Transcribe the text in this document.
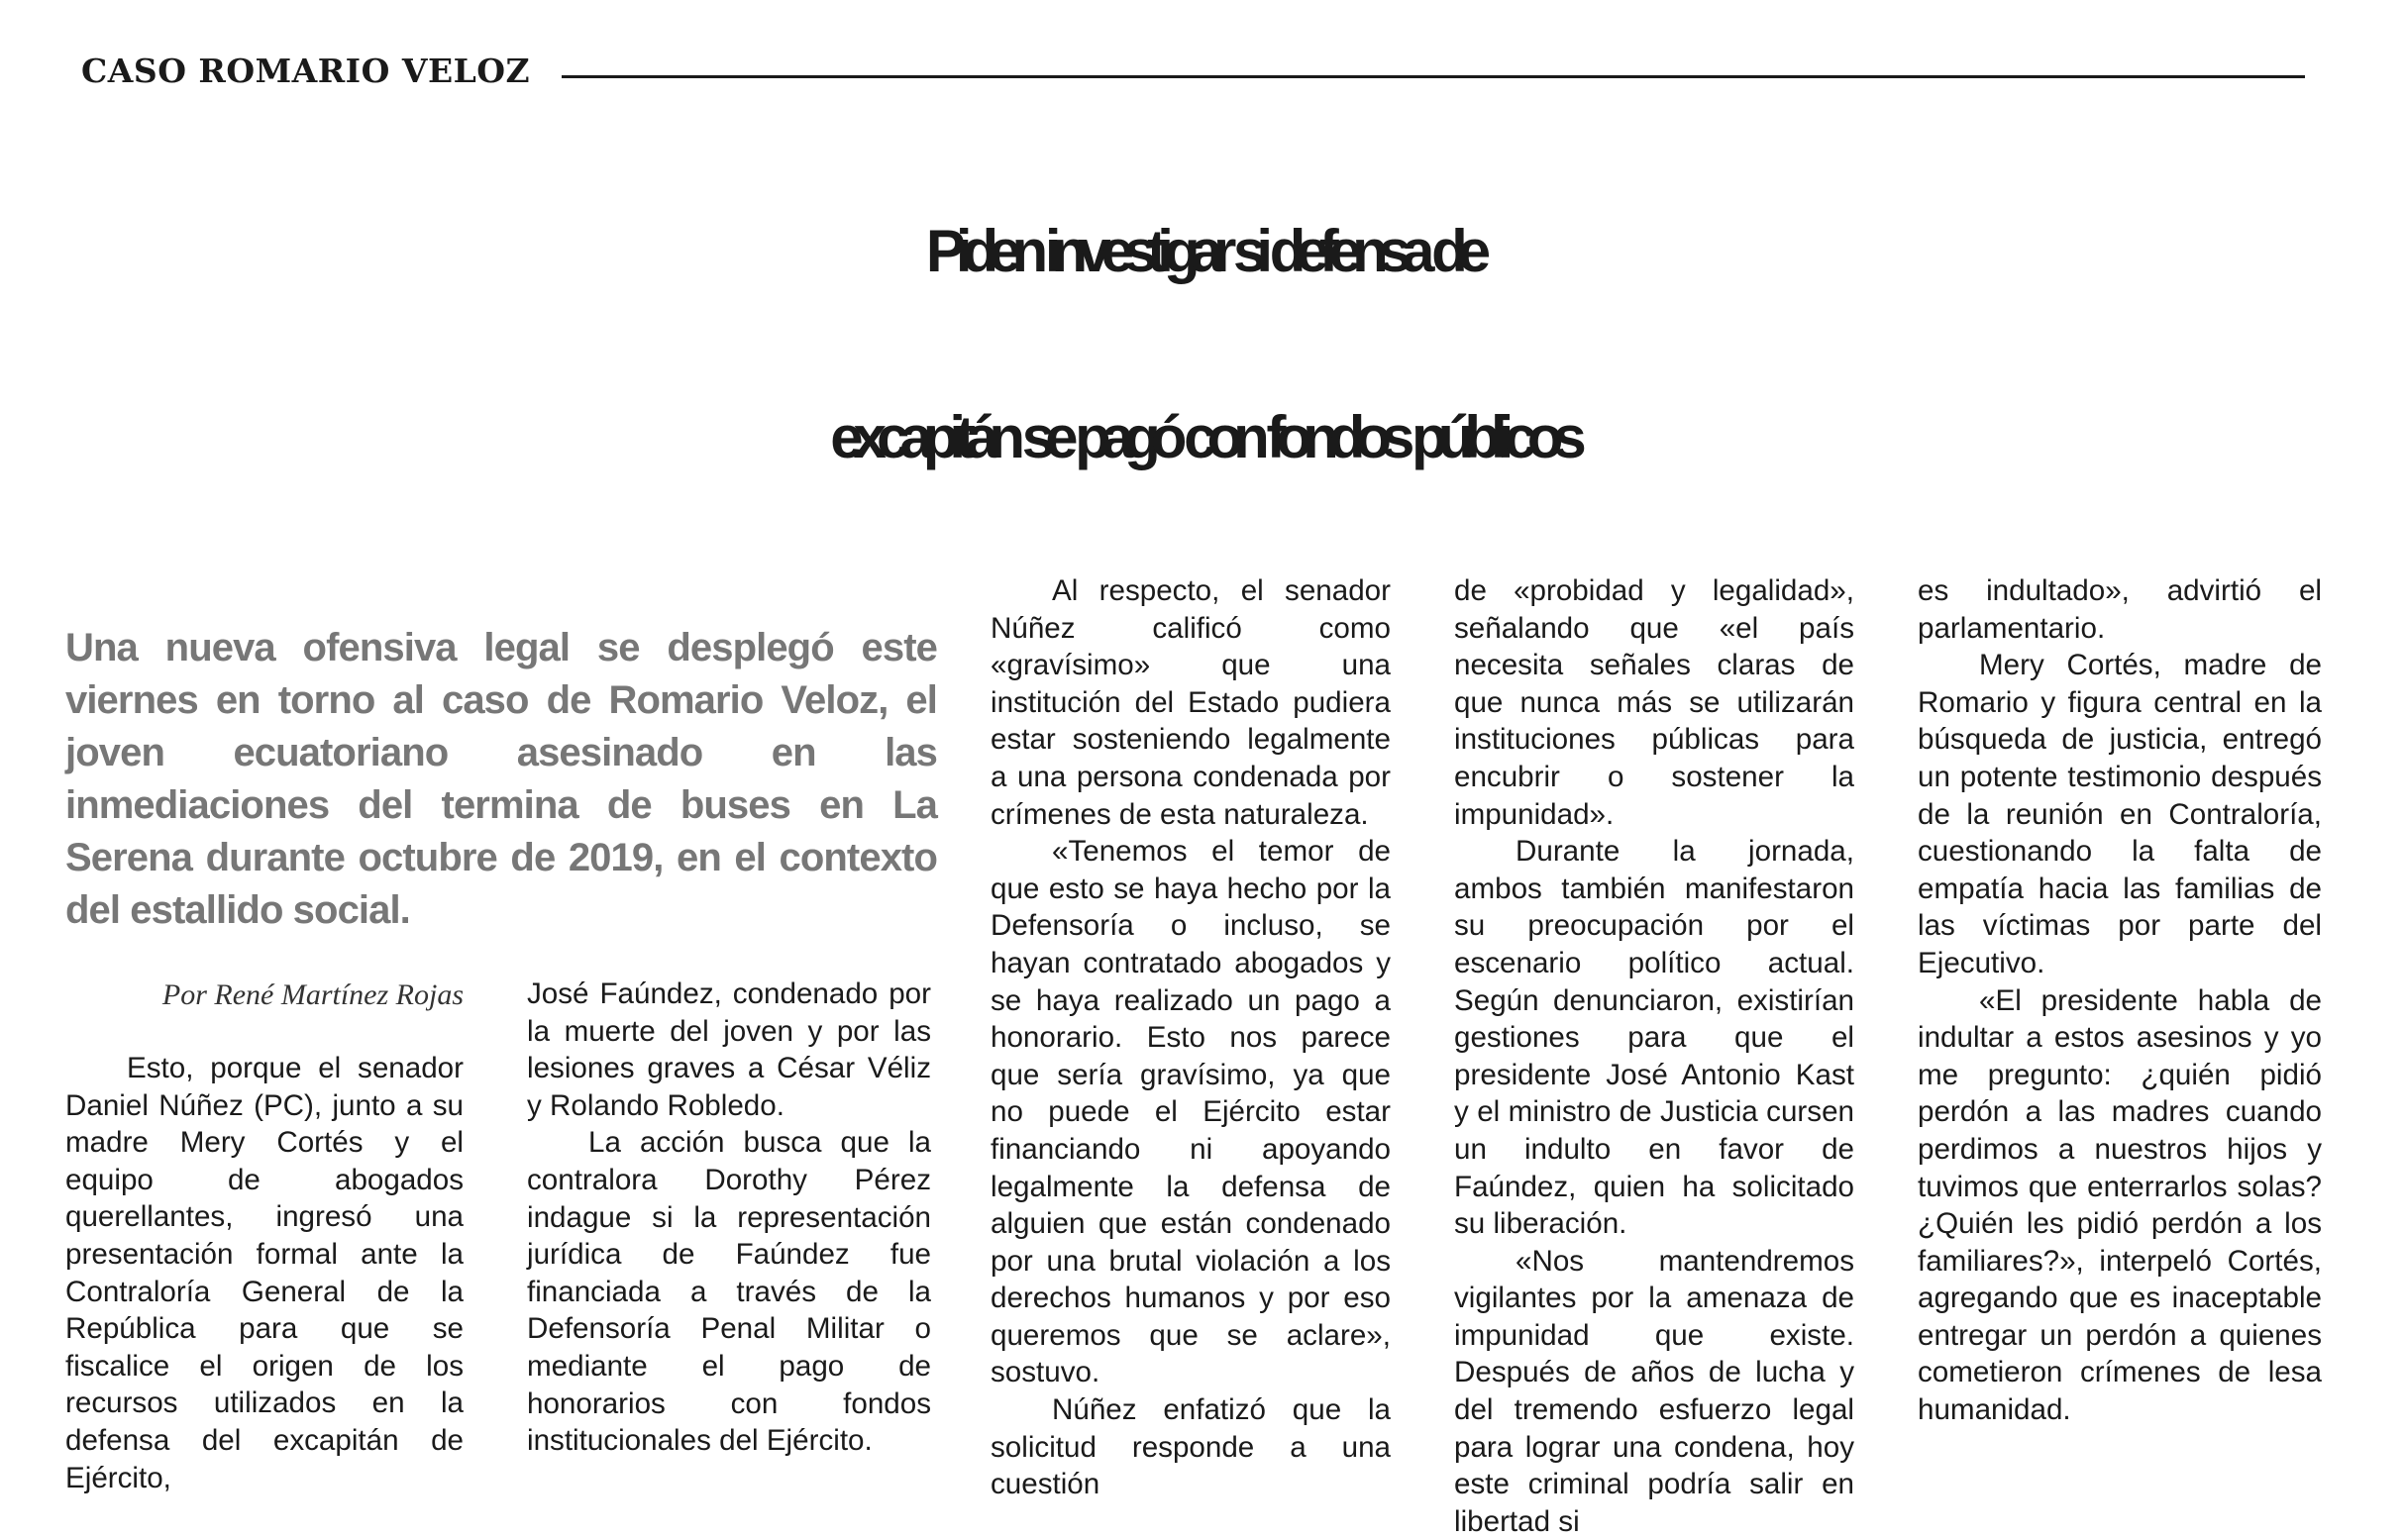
CASO ROMARIO VELOZ
Piden investigar si defensa de
excapitán se pagó con fondos públicos

Una nueva ofensiva legal se desplegó este viernes en torno al caso de Romario Veloz, el joven ecuatoriano asesinado en las inmediaciones del termina de buses en La Serena durante octubre de 2019, en el contexto del estallido social.

Por René Martínez Rojas

Esto, porque el senador Daniel Núñez (PC), junto a su madre Mery Cortés y el equipo de abogados querellantes, ingresó una presentación formal ante la Contraloría General de la República para que se fiscalice el origen de los recursos utilizados en la defensa del excapitán de Ejército,

José Faúndez, condenado por la muerte del joven y por las lesiones graves a César Véliz y Rolando Robledo.

La acción busca que la contralora Dorothy Pérez indague si la representación jurídica de Faúndez fue financiada a través de la Defensoría Penal Militar o mediante el pago de honorarios con fondos institucionales del Ejército.

Al respecto, el senador Núñez calificó como «gravísimo» que una institución del Estado pudiera estar sosteniendo legalmente a una persona condenada por crímenes de esta naturaleza.

«Tenemos el temor de que esto se haya hecho por la Defensoría o incluso, se hayan contratado abogados y se haya realizado un pago a honorario. Esto nos parece que sería gravísimo, ya que no puede el Ejército estar financiando ni apoyando legalmente la defensa de alguien que están condenado por una brutal violación a los derechos humanos y por eso queremos que se aclare», sostuvo.

Núñez enfatizó que la solicitud responde a una cuestión

de «probidad y legalidad», señalando que «el país necesita señales claras de que nunca más se utilizarán instituciones públicas para encubrir o sostener la impunidad».

Durante la jornada, ambos también manifestaron su preocupación por el escenario político actual. Según denunciaron, existirían gestiones para que el presidente José Antonio Kast y el ministro de Justicia cursen un indulto en favor de Faúndez, quien ha solicitado su liberación.

«Nos mantendremos vigilantes por la amenaza de impunidad que existe. Después de años de lucha y del tremendo esfuerzo legal para lograr una condena, hoy este criminal podría salir en libertad si

es indultado», advirtió el parlamentario.

Mery Cortés, madre de Romario y figura central en la búsqueda de justicia, entregó un potente testimonio después de la reunión en Contraloría, cuestionando la falta de empatía hacia las familias de las víctimas por parte del Ejecutivo.

«El presidente habla de indultar a estos asesinos y yo me pregunto: ¿quién pidió perdón a las madres cuando perdimos a nuestros hijos y tuvimos que enterrarlos solas? ¿Quién les pidió perdón a los familiares?», interpeló Cortés, agregando que es inaceptable entregar un perdón a quienes cometieron crímenes de lesa humanidad.
